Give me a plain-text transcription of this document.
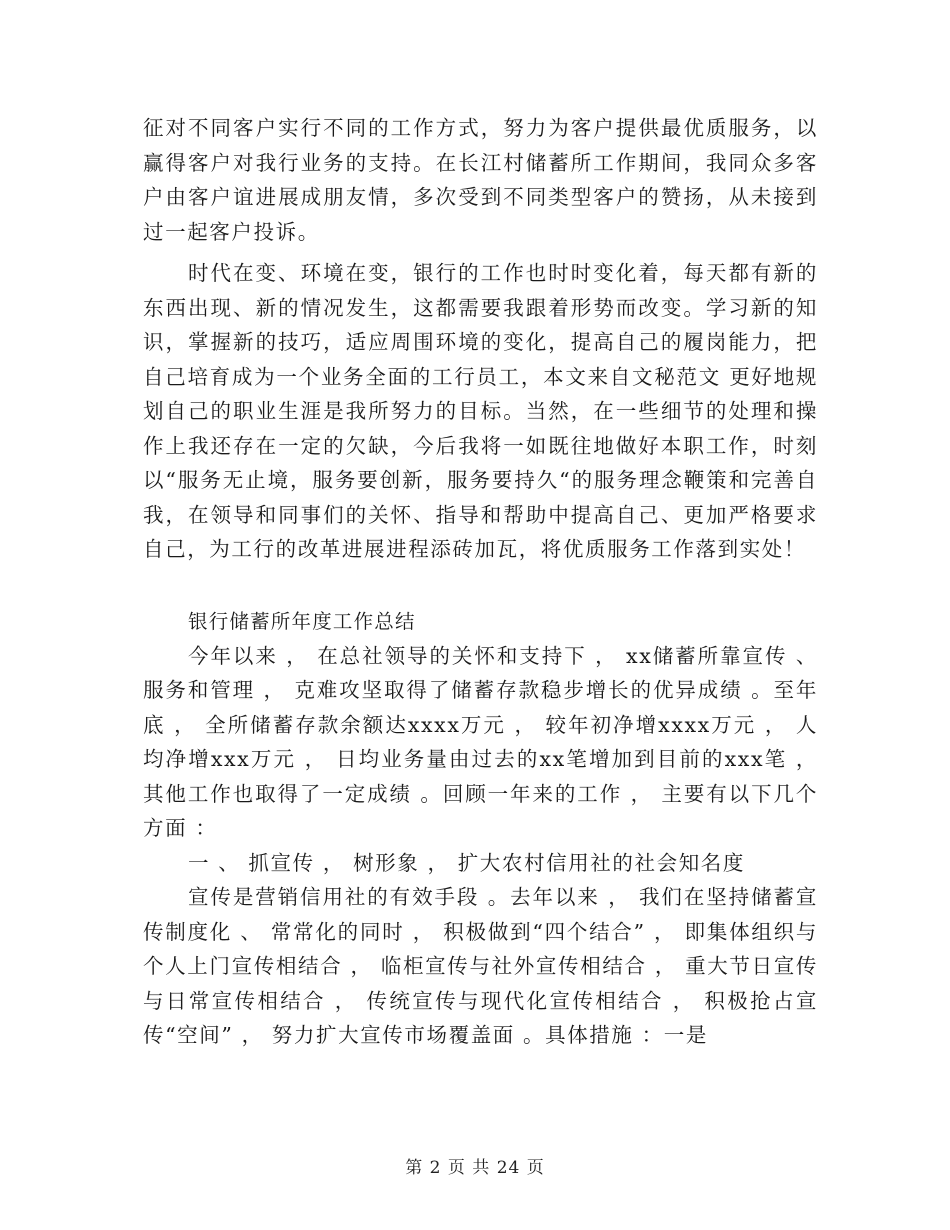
征对不同客户实行不同的工作方式，努力为客户提供最优质服务，以赢得客户对我行业务的支持。在长江村储蓄所工作期间，我同众多客户由客户谊进展成朋友情，多次受到不同类型客户的赞扬，从未接到过一起客户投诉。

时代在变、环境在变，银行的工作也时时变化着，每天都有新的东西出现、新的情况发生，这都需要我跟着形势而改变。学习新的知识，掌握新的技巧，适应周围环境的变化，提高自己的履岗能力，把自己培育成为一个业务全面的工行员工，本文来自文秘范文 更好地规划自己的职业生涯是我所努力的目标。当然，在一些细节的处理和操作上我还存在一定的欠缺，今后我将一如既往地做好本职工作，时刻以“服务无止境，服务要创新，服务要持久“的服务理念鞭策和完善自我，在领导和同事们的关怀、指导和帮助中提高自己、更加严格要求自己，为工行的改革进展进程添砖加瓦，将优质服务工作落到实处！

银行储蓄所年度工作总结

今年以来 ， 在总社领导的关怀和支持下 ， xx储蓄所靠宣传 、服务和管理 ， 克难攻坚取得了储蓄存款稳步增长的优异成绩 。至年底 ， 全所储蓄存款余额达xxxx万元 ， 较年初净增xxxx万元 ， 人均净增xxx万元 ， 日均业务量由过去的xx笔增加到目前的xxx笔 ，其他工作也取得了一定成绩 。回顾一年来的工作 ， 主要有以下几个方面 ：

一 、 抓宣传 ， 树形象 ， 扩大农村信用社的社会知名度

宣传是营销信用社的有效手段 。去年以来 ， 我们在坚持储蓄宣传制度化 、 常常化的同时 ， 积极做到“四个结合” ， 即集体组织与个人上门宣传相结合 ， 临柜宣传与社外宣传相结合 ， 重大节日宣传与日常宣传相结合 ， 传统宣传与现代化宣传相结合 ， 积极抢占宣传“空间” ， 努力扩大宣传市场覆盖面 。具体措施 ：一是

第 2 页 共 24 页
